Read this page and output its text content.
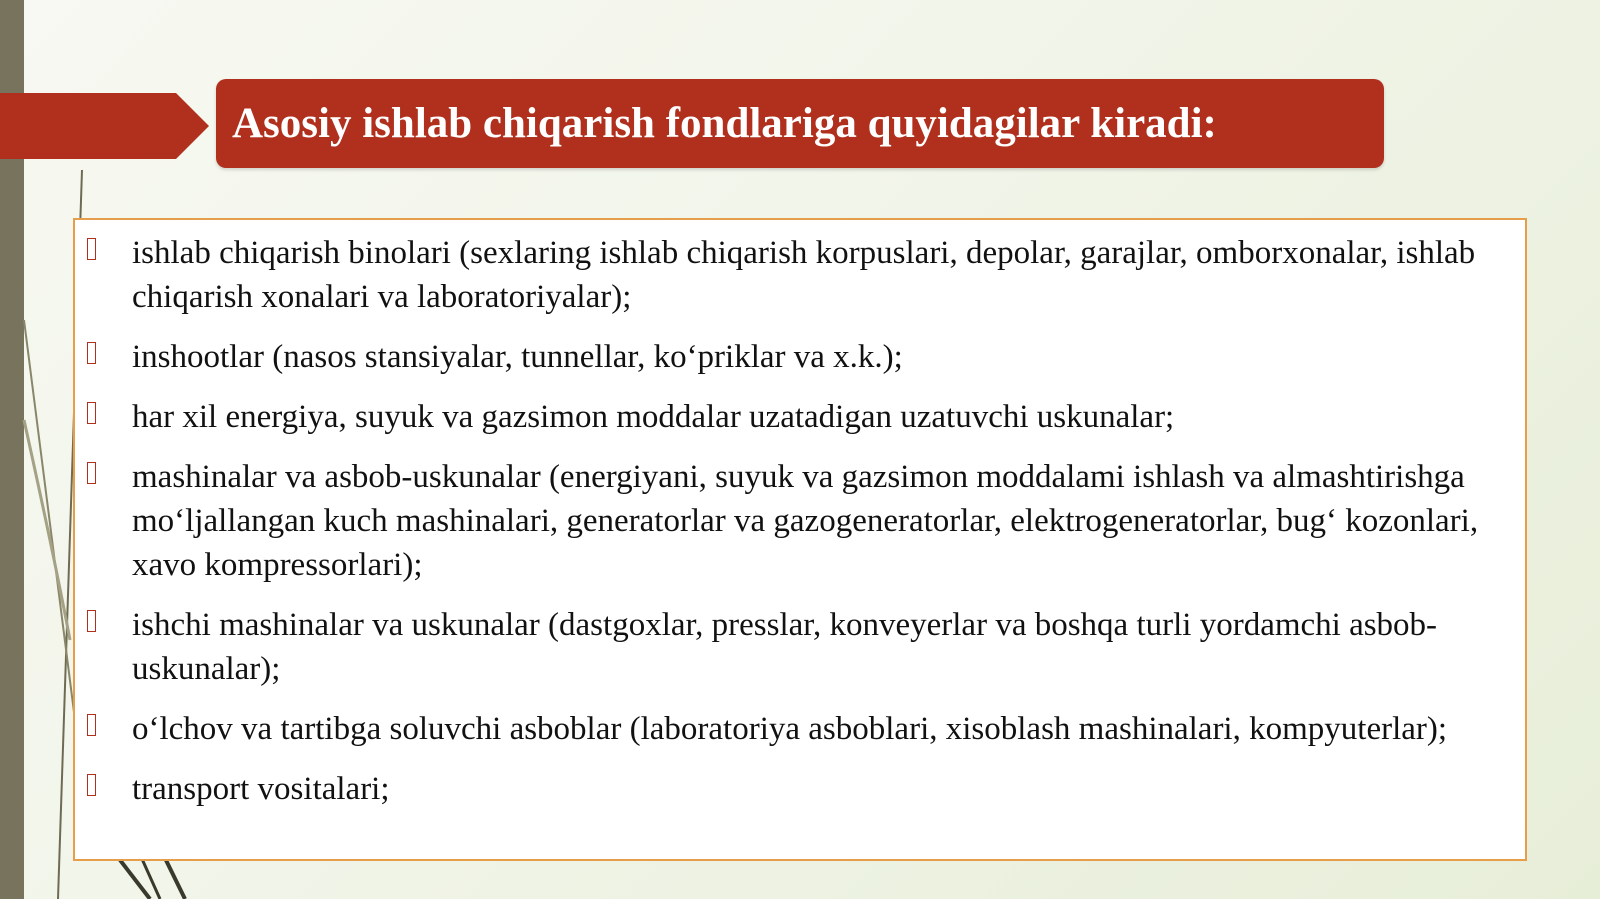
Asosiy ishlab chiqarish fondlariga quyidagilar kiradi:
ishlab chiqarish binolari (sexlaring ishlab chiqarish korpuslari, depolar, garajlar, omborxonalar, ishlab chiqarish xonalari va laboratoriyalar);
inshootlar (nasos stansiyalar, tunnellar, ko‘priklar va x.k.);
har xil energiya, suyuk va gazsimon moddalar uzatadigan uzatuvchi uskunalar;
mashinalar va asbob-uskunalar (energiyani, suyuk va gazsimon moddalami ishlash va almashtirishga mo‘ljallangan kuch mashinalari, generatorlar va gazogeneratorlar, elektrogeneratorlar, bug‘ kozonlari, xavo kompressorlari);
ishchi mashinalar va uskunalar (dastgoxlar, presslar, konveyerlar va boshqa turli yordamchi asbob-uskunalar);
o‘lchov va tartibga soluvchi asboblar (laboratoriya asboblari, xisoblash mashinalari, kompyuterlar);
transport vositalari;
